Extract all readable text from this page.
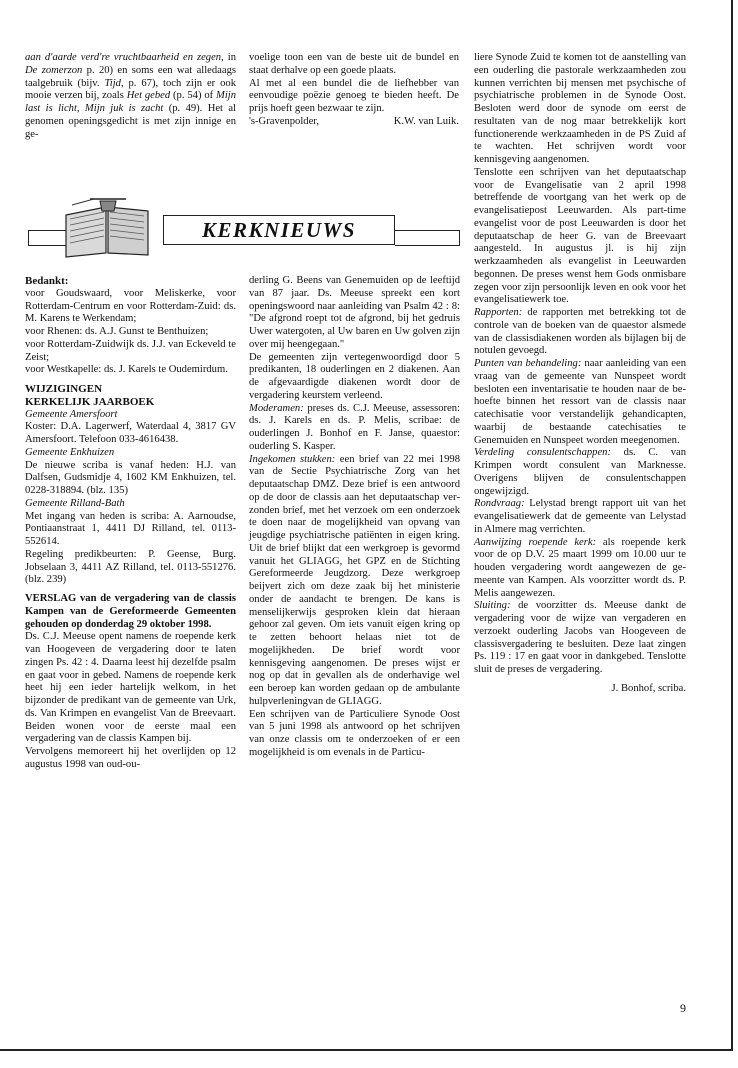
aan d'aarde verd're vruchtbaarheid en zegen, in De zomerzon p. 20) en soms een wat alledaags taalgebruik (bijv. Tijd, p. 67), toch zijn er ook mooie verzen bij, zoals Het gebed (p. 54) of Mijn last is licht, Mijn juk is zacht (p. 49). Het al genomen openingsgedicht is met zijn innige en ge-

voelige toon een van de beste uit de bundel en staat derhalve op een goede plaats.

Al met al een bundel die de liefhebber van eenvoudige poëzie genoeg te bieden heeft. De prijs hoeft geen bezwaar te zijn.

's-Gravenpolder,	K.W. van Luik.
KERKNIEUWS

Bedankt:

voor Goudswaard, voor Meliskerke, voor Rotterdam-Centrum en voor Rotterdam-Zuid: ds. M. Karens te Werkendam;

voor Rhenen: ds. A.J. Gunst te Benthuizen;

voor Rotterdam-Zuidwijk ds. J.J. van Eckeveld te Zeist;

voor Westkapelle: ds. J. Karels te Oudemirdum.

WIJZIGINGEN

KERKELIJK JAARBOEK

Gemeente Amersfoort

Koster: D.A. Lagerwerf, Waterdaal 4, 3817 GV Amersfoort. Telefoon 033-4616438.

Gemeente Enkhuizen

De nieuwe scriba is vanaf heden: H.J. van Dalfsen, Gudsmidje 4, 1602 KM Enkhuizen, tel. 0228-318894. (blz. 135)

Gemeente Rilland-Bath

Met ingang van heden is scriba: A. Aarnoudse, Pontiaanstraat 1, 4411 DJ Rilland, tel. 0113-552614.

Regeling predikbeurten: P. Geense, Burg. Jobselaan 3, 4411 AZ Rilland, tel. 0113-551276. (blz. 239)

VERSLAG van de vergadering van de classis Kampen van de Gereformeerde Gemeenten gehouden op donderdag 29 oktober 1998.

Ds. C.J. Meeuse opent namens de roepende kerk van Hoogeveen de vergadering door te laten zingen Ps. 42 : 4. Daarna leest hij dezelfde psalm en gaat voor in gebed. Namens de roepende kerk heet hij een ieder hartelijk welkom, in het bijzonder de predikant van de gemeente van Urk, ds. Van Krimpen en evangelist Van de Breevaart. Beiden wonen voor de eerste maal een vergadering van de classis Kampen bij.

Vervolgens memoreert hij het overlijden op 12 augustus 1998 van oud-ou-

derling G. Beens van Genemuiden op de leeftijd van 87 jaar. Ds. Meeuse spreekt een kort openingswoord naar aanleiding van Psalm 42 : 8: "De afgrond roept tot de afgrond, bij het gedruis Uwer watergoten, al Uw baren en Uw golven zijn over mij heengegaan."

De gemeenten zijn vertegenwoordigd door 5 predikanten, 18 ouderlingen en 2 diakenen. Aan de afgevaardigde diakenen wordt door de vergadering keurstem verleend.

Moderamen: preses ds. C.J. Meeuse, assessoren: ds. J. Karels en ds. P. Melis, scribae: de ouderlingen J. Bonhof en F. Janse, quaestor: ouderling S. Kasper.

Ingekomen stukken: een brief van 22 mei 1998 van de Sectie Psychiatrische Zorg van het deputaatschap DMZ. Deze brief is een antwoord op de door de classis aan het deputaatschap verzonden brief, met het verzoek om een onderzoek te doen naar de mogelijkheid van opvang van jeugdige psychiatrische patiënten in eigen kring. Uit de brief blijkt dat een werkgroep is gevormd vanuit het GLIAGG, het GPZ en de Stichting Gereformeerde Jeugdzorg. Deze werkgroep beijvert zich om deze zaak bij het ministerie onder de aandacht te brengen. De kans is menselijkerwijs gesproken klein dat hieraan gehoor zal geven. Om iets vanuit eigen kring op te zetten behoort helaas niet tot de mogelijkheden. De brief wordt voor kennisgeving aangenomen. De preses wijst er nog op dat in gevallen als de onderhavige wel een beroep kan worden gedaan op de ambulante hulpverleningvan de GLIAGG.

Een schrijven van de Particuliere Synode Oost van 5 juni 1998 als antwoord op het schrijven van onze classis om te onderzoeken of er een mogelijkheid is om evenals in de Particu-

liere Synode Zuid te komen tot de aanstelling van een ouderling die pastorale werkzaamheden zou kunnen verrichten bij mensen met psychische of psychiatrische problemen in de Synode Oost. Besloten werd door de synode om eerst de resultaten van de nog maar betrekkelijk kort functionerende werkzaamheden in de PS Zuid af te wachten. Het schrijven wordt voor kennisgeving aangenomen.

Tenslotte een schrijven van het deputaatschap voor de Evangelisatie van 2 april 1998 betreffende de voortgang van het werk op de evangelisatiepost Leeuwarden. Als part-time evangelist voor de post Leeuwarden is door het deputaatschap de heer G. van de Breevaart aangesteld. In augustus jl. is hij zijn werkzaamheden als evangelist in Leeuwarden begonnen. De preses wenst hem Gods onmisbare zegen voor zijn persoonlijk leven en ook voor het evangelisatiewerk toe.

Rapporten: de rapporten met betrekking tot de controle van de boeken van de quaestor alsmede van de classisdiakenen worden als bijlagen bij de notulen gevoegd.

Punten van behandeling: naar aanleiding van een vraag van de gemeente van Nunspeet wordt besloten een inventarisatie te houden naar de behoefte binnen het ressort van de classis naar catechisatie voor verstandelijk gehandicapten, waarbij de bestaande catechisaties te Genemuiden en Nunspeet worden meegenomen.

Verdeling consulentschappen: ds. C. van Krimpen wordt consulent van Marknesse. Overigens blijven de consulentschappen ongewijzigd.

Rondvraag: Lelystad brengt rapport uit van het evangelisatiewerk dat de gemeente van Lelystad in Almere mag verrichten.

Aanwijzing roepende kerk: als roepende kerk voor de op D.V. 25 maart 1999 om 10.00 uur te houden vergadering wordt aangewezen de gemeente van Kampen. Als voorzitter wordt ds. P. Melis aangewezen.

Sluiting: de voorzitter ds. Meeuse dankt de vergadering voor de wijze van vergaderen en verzoekt ouderling Jacobs van Hoogeveen de classisvergadering te besluiten. Deze laat zingen Ps. 119 : 17 en gaat voor in dankgebed. Tenslotte sluit de preses de vergadering.

J. Bonhof, scriba.

9
